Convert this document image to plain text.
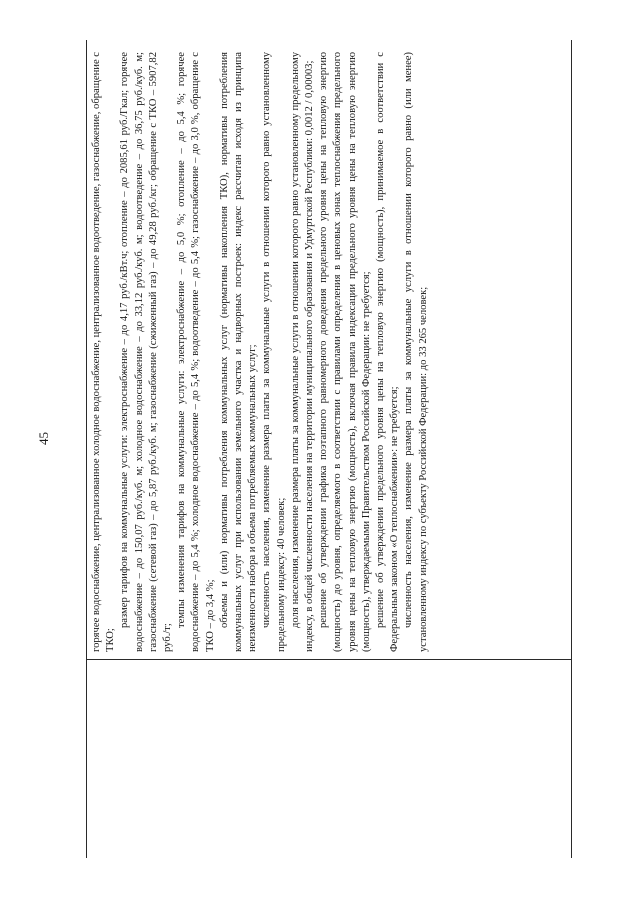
45	горячее водоснабжение, централизованное холодное водоснабжение, централизованное водоотведение, газоснабжение, обращение с ТКО;

размер тарифов на коммунальные услуги: электроснабжение – до 4,17 руб./кВт.ч; отопление – до 2085,61 руб./Гкал; горячее водоснабжение – до 150,07 руб./куб. м; холодное водоснабжение – до 33,12 руб./куб. м; водоотведение – до 36,75 руб./куб. м; газоснабжение (сетевой газ) – до 5,87 руб./куб. м; газоснабжение (сжиженный газ) – до 49,28 руб./кг; обращение с ТКО – 5907,82 руб./т;

темпы изменения тарифов на коммунальные услуги: электроснабжение – до 5,0 %; отопление – до 5,4 %; горячее водоснабжение – до 5,4 %; холодное водоснабжение – до 5,4 %; водоотведение – до 5,4 %; газоснабжение – до 3,0 %, обращение с ТКО – до 3,4 %; объемы и (или) нормативы потребления коммунальных услуг (нормативы накопления ТКО), нормативы потребления коммунальных услуг при использовании земельного участка и надворных построек: индекс рассчитан исходя из принципа неизменности набора и объема потребляемых коммунальных услуг; численность населения, изменение размера платы за коммунальные услуги в отношении которого равно установленному предельному индексу: 40 человек; доля населения, изменение размера платы за коммунальные услуги в отношении которого равно установленному предельному индексу, в общей численности населения на территории муниципального образования и Удмуртской Республики: 0,0012 / 0,00003; решение об утверждении графика поэтапного равномерного доведения предельного уровня цены на тепловую энергию (мощность) до уровня, определяемого в соответствии с правилами определения в ценовых зонах теплоснабжения предельного уровня цены на тепловую энергию (мощность), включая правила индексации предельного уровня цены на тепловую энергию (мощность), утверждаемыми Правительством Российской Федерации: не требуется; решение об утверждении предельного уровня цены на тепловую энергию (мощность), принимаемое в соответствии с Федеральным законом «О теплоснабжении»: не требуется; численность населения, изменение размера платы за коммунальные услуги в отношении которого равно (или менее) установленному индексу по субъекту Российской Федерации: до 33 265 человек;
